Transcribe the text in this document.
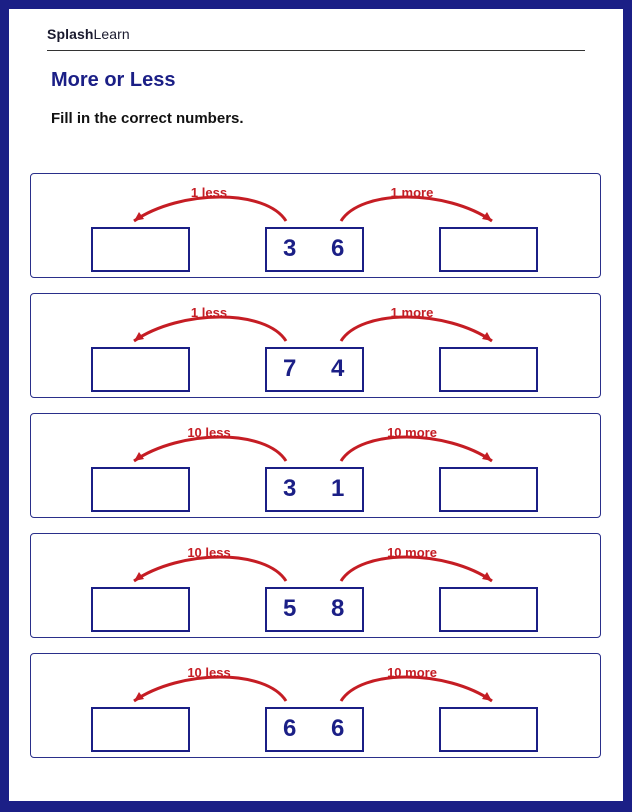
SplashLearn
More or Less
Fill in the correct numbers.
1 less	1 more
3 6
1 less	1 more
7 4
10 less	10 more
3 1
10 less	10 more
5 8
10 less	10 more
6 6
